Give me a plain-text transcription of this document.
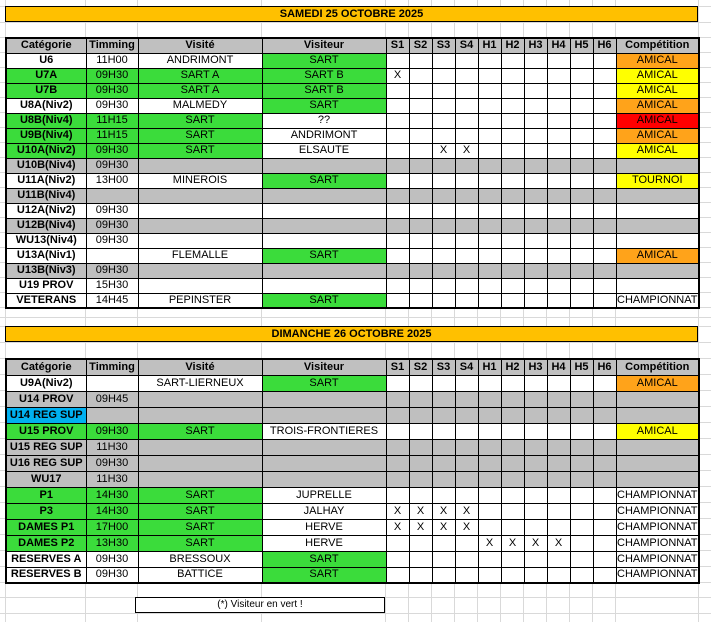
SAMEDI 25 OCTOBRE 2025
Catégorie	Timming	Visité	Visiteur	S1	S2	S3	S4	H1	H2	H3	H4	H5	H6	Compétition
U6	11H00	ANDRIMONT	SART											AMICAL
U7A	09H30	SART A	SART B	X										AMICAL
U7B	09H30	SART A	SART B											AMICAL
U8A(Niv2)	09H30	MALMEDY	SART											AMICAL
U8B(Niv4)	11H15	SART	??											AMICAL
U9B(Niv4)	11H15	SART	ANDRIMONT											AMICAL
U10A(Niv2)	09H30	SART	ELSAUTE			X	X							AMICAL
U10B(Niv4)	09H30													
U11A(Niv2)	13H00	MINEROIS	SART											TOURNOI
U11B(Niv4)														
U12A(Niv2)	09H30													
U12B(Niv4)	09H30													
WU13(Niv4)	09H30													
U13A(Niv1)		FLEMALLE	SART											AMICAL
U13B(Niv3)	09H30													
U19 PROV	15H30													
VETERANS	14H45	PEPINSTER	SART											CHAMPIONNAT
DIMANCHE 26 OCTOBRE 2025
Catégorie	Timming	Visité	Visiteur	S1	S2	S3	S4	H1	H2	H3	H4	H5	H6	Compétition
U9A(Niv2)		SART-LIERNEUX	SART											AMICAL
U14 PROV	09H45													
U14 REG SUP														
U15 PROV	09H30	SART	TROIS-FRONTIERES											AMICAL
U15 REG SUP	11H30													
U16 REG SUP	09H30													
WU17	11H30													
P1	14H30	SART	JUPRELLE											CHAMPIONNAT
P3	14H30	SART	JALHAY	X	X	X	X							CHAMPIONNAT
DAMES P1	17H00	SART	HERVE	X	X	X	X							CHAMPIONNAT
DAMES P2	13H30	SART	HERVE					X	X	X	X			CHAMPIONNAT
RESERVES A	09H30	BRESSOUX	SART											CHAMPIONNAT
RESERVES B	09H30	BATTICE	SART											CHAMPIONNAT
(*) Visiteur en vert !
